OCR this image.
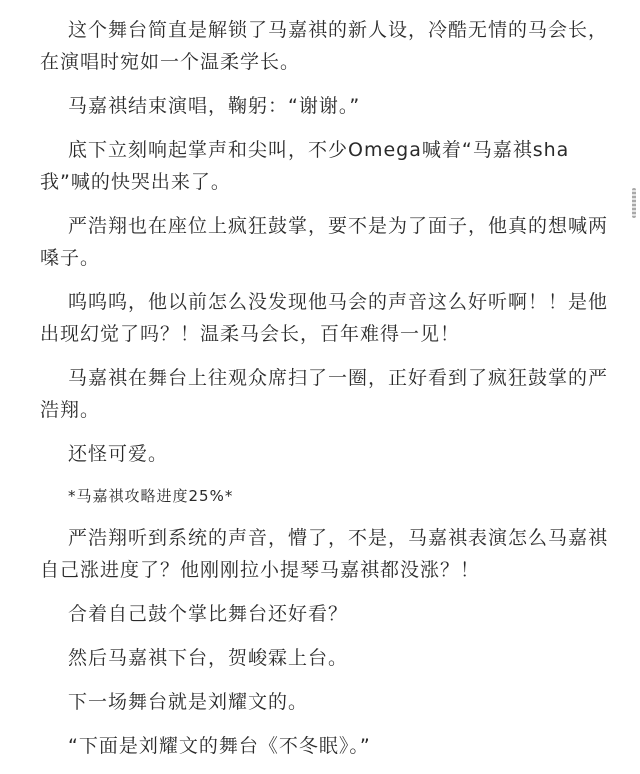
这个舞台简直是解锁了马嘉祺的新人设，冷酷无情的马会长，在演唱时宛如一个温柔学长。

马嘉祺结束演唱，鞠躬：“谢谢。”

底下立刻响起掌声和尖叫，不少Omega喊着“马嘉祺sha我”喊的快哭出来了。

严浩翔也在座位上疯狂鼓掌，要不是为了面子，他真的想喊两嗓子。

呜呜呜，他以前怎么没发现他马会的声音这么好听啊！！是他出现幻觉了吗？！温柔马会长，百年难得一见！

马嘉祺在舞台上往观众席扫了一圈，正好看到了疯狂鼓掌的严浩翔。

还怪可爱。

*马嘉祺攻略进度25%*

严浩翔听到系统的声音，懵了，不是，马嘉祺表演怎么马嘉祺自己涨进度了？他刚刚拉小提琴马嘉祺都没涨？！

合着自己鼓个掌比舞台还好看？

然后马嘉祺下台，贺峻霖上台。

下一场舞台就是刘耀文的。

“下面是刘耀文的舞台《不冬眠》。”
